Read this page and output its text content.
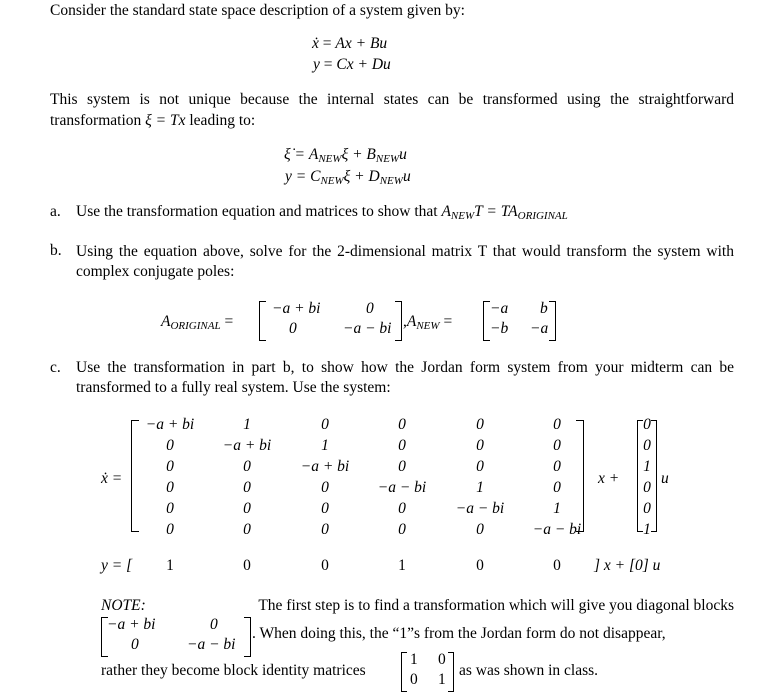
Consider the standard state space description of a system given by:
ẋ = Ax + Bu
y = Cx + Du
This system is not unique because the internal states can be transformed using the straightforward transformation ξ = Tx leading to:
ξ̇ = $A_{NEW}\xi + B_{NEW}u$
$y = C_{NEW}\xi + D_{NEW}u$
a. Use the transformation equation and matrices to show that $A_{NEW}T = TA_{ORIGINAL}$
b. Using the equation above, solve for the 2-dimensional matrix T that would transform the system with complex conjugate poles:
$A_{ORIGINAL}$ =
−a + bi	0
0	−a − bi $,A_{NEW}$ =
−a b
−b −a
c. Use the transformation in part b, to show how the Jordan form system from your midterm can be transformed to a fully real system. Use the system:
ẋ =
−a + bi	1	0	0	0	0
0	−a + bi	1	0	0	0
0	0	−a + bi	0	0	0
0	0	0	−a − bi	1	0
0	0	0	0	−a − bi	1
0	0	0	0	0	−a − bi
x +
0
0
1
0
0
1
u
y = [	1	0	0	1	0	0	] x + [0] u
NOTE:	The first step is to find a transformation which will give you diagonal blocks
−a + bi	0
0	−a − bi
. When doing this, the “1”s from the Jordan form do not disappear,
rather they become block identity matrices
1 0
0 1
as was shown in class.
